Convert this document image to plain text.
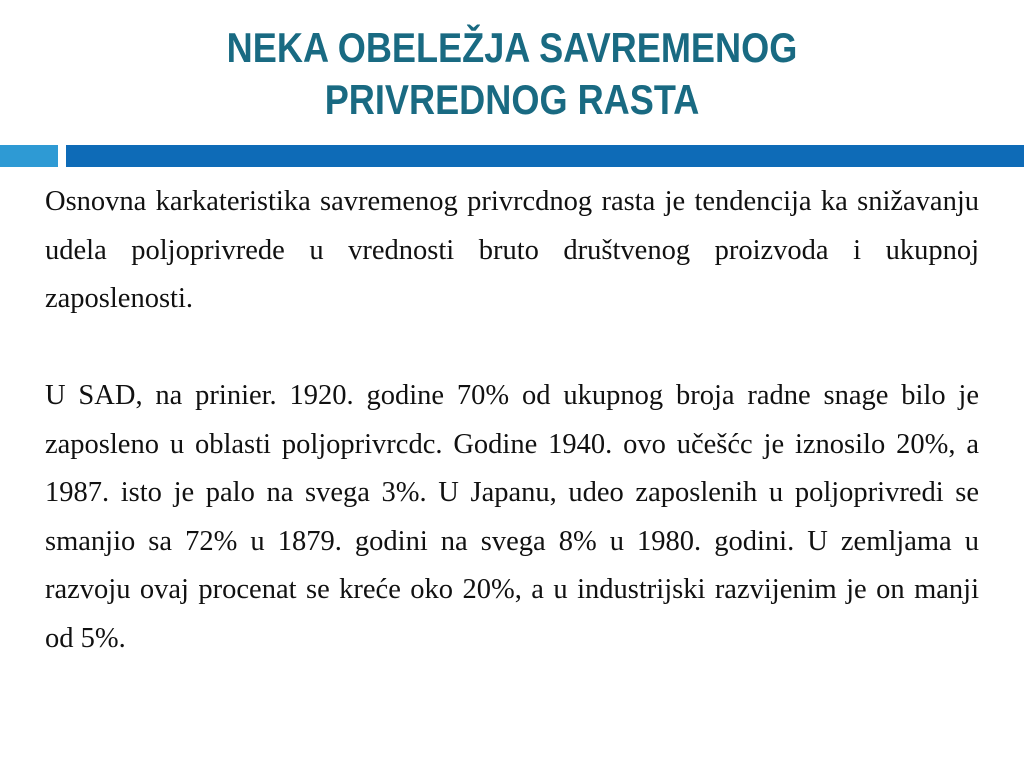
NEKA OBELEŽJA SAVREMENOG
PRIVREDNOG RASTA

Osnovna karkateristika savremenog privrcdnog rasta je tendencija ka snižavanju udela poljoprivrede u vrednosti bruto društvenog proizvoda i ukupnoj zaposlenosti.

U SAD, na prinier. 1920. godine 70% od ukupnog broja radne snage bilo je zaposleno u oblasti poljoprivrcdc. Godine 1940. ovo učešćc je iznosilo 20%, a 1987. isto je palo na svega 3%. U Japanu, udeo zaposlenih u poljoprivredi se smanjio sa 72% u 1879. godini na svega 8% u 1980. godini. U zemljama u razvoju ovaj procenat se kreće oko 20%, a u industrijski razvijenim je on manji od 5%.
